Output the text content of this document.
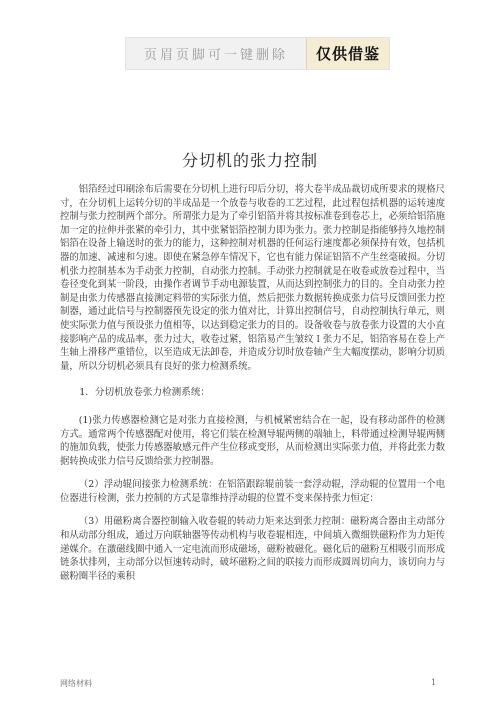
页眉页脚可一键删除	仅供借鉴
分切机的张力控制

铝箔经过印刷涂布后需要在分切机上进行印后分切，将大卷半成品裁切成所要求的规格尺寸，在分切机上运转分切的半成品是一个放卷与收卷的工艺过程，此过程包括机器的运转速度控制与张力控制两个部分。所谓张力是为了牵引铝箔并将其按标准卷到卷芯上，必须给铝箔施加一定的拉伸并张紧的牵引力，其中张紧铝箔控制力即为张力。张力控制是指能够持久地控制铝箔在设备上输送时的张力的能力，这种控制对机器的任何运行速度都必须保持有效，包括机器的加速、减速和匀速。即使在紧急停车情况下，它也有能力保证铝箔不产生丝毫破损。分切机张力控制基本为手动张力控制，自动张力控制。手动张力控制就是在收卷或放卷过程中，当卷径变化到某一阶段，由操作者调节手动电源装置，从而达到控制张力的目的。全自动张力控制是由张力传感器直接测定料带的实际张力值，然后把张力数据转换成张力信号反馈回张力控制器，通过此信号与控制器预先设定的张力值对比，计算出控制信号，自动控制执行单元，则使实际张力值与预设张力值相等，以达到稳定张力的目的。设备收卷与放卷张力设置的大小直接影响产品的成品率，张力过大，收卷过紧，铝箔易产生皱纹Ｉ张力不足，铝箔容易在卷上产生轴上滑移严重错位，以至造成无法卸卷，并造成分切时放卷轴产生大幅度摆动，影响分切质量，所以分切机必须具有良好的张力检测系统。

1．分切机放卷张力检测系统：

(1)张力传感器检测它是对张力直接检测，与机械紧密结合在一起，设有移动部件的检测方式。通常两个传感器配对使用，将它们装在检测导辊两侧的端轴上，料带通过检测导辊两侧的施加负载，使张力传感器敏感元件产生位移或变形，从而检测出实际张力值，并将此张力数据转换成张力信号反馈给张力控制器。

（2）浮动辊间接张力检测系统：在铝箔跟踪辊前装一套浮动辊，浮动辊的位置用一个电位器进行检测，张力控制的方式是靠维持浮动辊的位置不变来保持张力恒定：

（3）用磁粉离合器控制输入收卷辊的转动力矩来达到张力控制：磁粉离合器由主动部分和从动部分组成，通过万向联轴器等传动机构与收卷辊相连，中间填入微细铁磁粉作为力矩传递媒介。在激磁线圈中通入一定电流而形成磁场，磁粉被磁化。磁化后的磁粉互相吸引而形成链条状排列，主动部分以恒速转动时，破坏磁粉之间的联接力而形成圆周切向力，该切向力与磁粉圈半径的乘积

网络材料	1
